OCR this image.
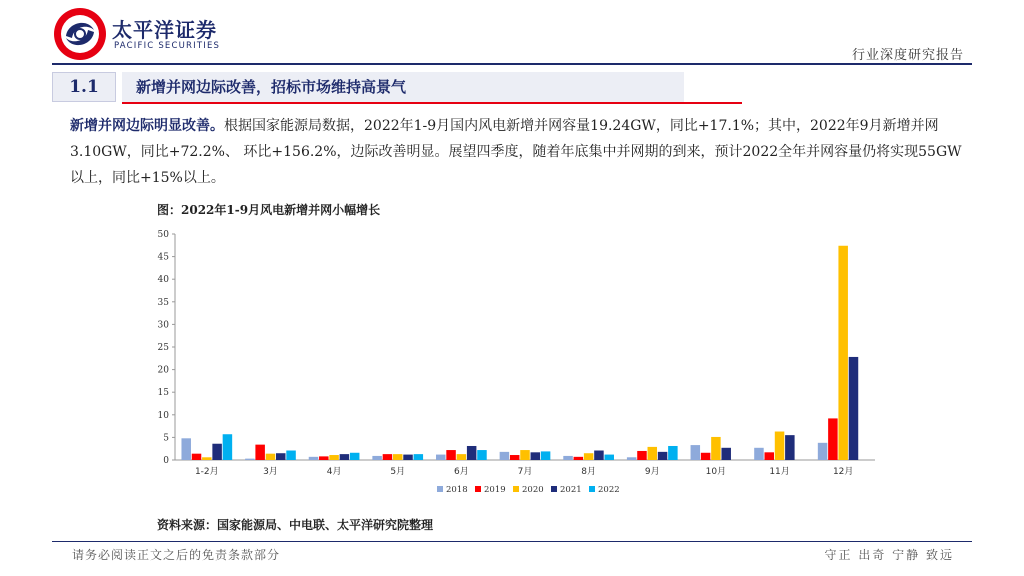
太平洋证券
PACIFIC SECURITIES
行业深度研究报告
1.1	新增并网边际改善，招标市场维持高景气
新增并网边际明显改善。根据国家能源局数据，2022年1-9月国内风电新增并网容量19.24GW，同比+17.1%；其中，2022年9月新增并网3.10GW，同比+72.2%、 环比+156.2%，边际改善明显。展望四季度，随着年底集中并网期的到来，预计2022全年并网容量仍将实现55GW以上，同比+15%以上。
图：2022年1-9月风电新增并网小幅增长
0
5
10
15
20
25
30
35
40
45
50
1-2月	3月	4月	5月	6月	7月	8月	9月	10月	11月	12月
2018 2019 2020 2021 2022
资料来源：国家能源局、中电联、太平洋研究院整理
请务必阅读正文之后的免责条款部分	守正 出奇 宁静 致远
